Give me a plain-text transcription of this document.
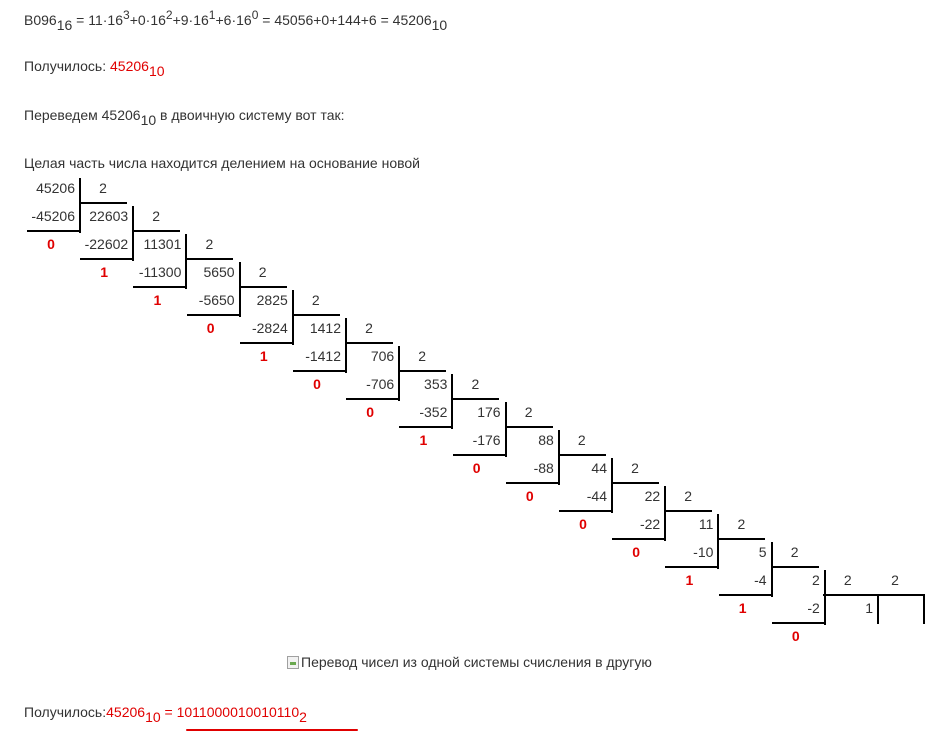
$B096_{16} = 11\cdot 16^3+0\cdot 16^2+9\cdot 16^1+6\cdot 16^0 = 45056+0+144+6 = 45206_{10}$
Получилось: $45206_{10}$
Переведем $45206_{10}$ в двоичную систему вот так:
Целая часть числа находится делением на основание новой
45206	2
-45206
0
22603	2
-22602
1
11301	2
-11300
1
5650	2
-5650
0
2825	2
-2824
1
1412	2
-1412
0
706	2
-706
0
353	2
-352
1
176	2
-176
0
88	2
-88
0
44	2
-44
0
22	2
-22
0
11	2
-10
1
5	2
-4
1
2	2
-2
0
1
2
Перевод чисел из одной системы счисления в другую
$Получилось:45206_{10} = 1011000010010110_2$
